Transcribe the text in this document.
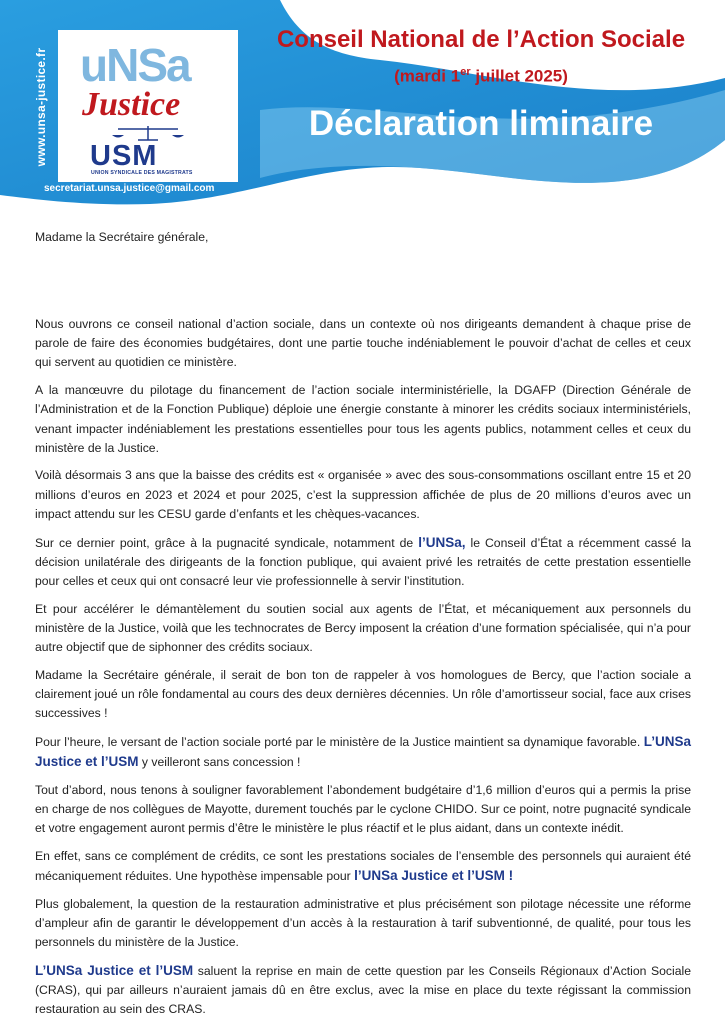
www.unsa-justice.fr uNSa
Justice
USM
UNION SYNDICALE DES MAGISTRATS
secretariat.unsa.justice@gmail.com
Conseil National de l’Action Sociale
(mardi 1er juillet 2025)
Déclaration liminaire

Madame la Secrétaire générale,

Nous ouvrons ce conseil national d’action sociale, dans un contexte où nos dirigeants demandent à chaque prise de parole de faire des économies budgétaires, dont une partie touche indéniablement le pouvoir d’achat de celles et ceux qui servent au quotidien ce ministère.

A la manœuvre du pilotage du financement de l’action sociale interministérielle, la DGAFP (Direction Générale de l’Administration et de la Fonction Publique) déploie une énergie constante à minorer les crédits sociaux interministériels, venant impacter indéniablement les prestations essentielles pour tous les agents publics, notamment celles et ceux du ministère de la Justice.

Voilà désormais 3 ans que la baisse des crédits est « organisée » avec des sous-consommations oscillant entre 15 et 20 millions d’euros en 2023 et 2024 et pour 2025, c’est la suppression affichée de plus de 20 millions d’euros avec un impact attendu sur les CESU garde d’enfants et les chèques-vacances.

Sur ce dernier point, grâce à la pugnacité syndicale, notamment de l’UNSa, le Conseil d’État a récemment cassé la décision unilatérale des dirigeants de la fonction publique, qui avaient privé les retraités de cette prestation essentielle pour celles et ceux qui ont consacré leur vie professionnelle à servir l’institution.

Et pour accélérer le démantèlement du soutien social aux agents de l’État, et mécaniquement aux personnels du ministère de la Justice, voilà que les technocrates de Bercy imposent la création d’une formation spécialisée, qui n’a pour autre objectif que de siphonner des crédits sociaux.

Madame la Secrétaire générale, il serait de bon ton de rappeler à vos homologues de Bercy, que l’action sociale a clairement joué un rôle fondamental au cours des deux dernières décennies. Un rôle d’amortisseur social, face aux crises successives !

Pour l’heure, le versant de l’action sociale porté par le ministère de la Justice maintient sa dynamique favorable. L’UNSa Justice et l’USM y veilleront sans concession !

Tout d’abord, nous tenons à souligner favorablement l’abondement budgétaire d’1,6 million d’euros qui a permis la prise en charge de nos collègues de Mayotte, durement touchés par le cyclone CHIDO. Sur ce point, notre pugnacité syndicale et votre engagement auront permis d’être le ministère le plus réactif et le plus aidant, dans un contexte inédit.

En effet, sans ce complément de crédits, ce sont les prestations sociales de l’ensemble des personnels qui auraient été mécaniquement réduites. Une hypothèse impensable pour l’UNSa Justice et l’USM !

Plus globalement, la question de la restauration administrative et plus précisément son pilotage nécessite une réforme d’ampleur afin de garantir le développement d’un accès à la restauration à tarif subventionné, de qualité, pour tous les personnels du ministère de la Justice.

L’UNSa Justice et l’USM saluent la reprise en main de cette question par les Conseils Régionaux d’Action Sociale (CRAS), qui par ailleurs n’auraient jamais dû en être exclus, avec la mise en place du texte régissant la commission restauration au sein des CRAS.
